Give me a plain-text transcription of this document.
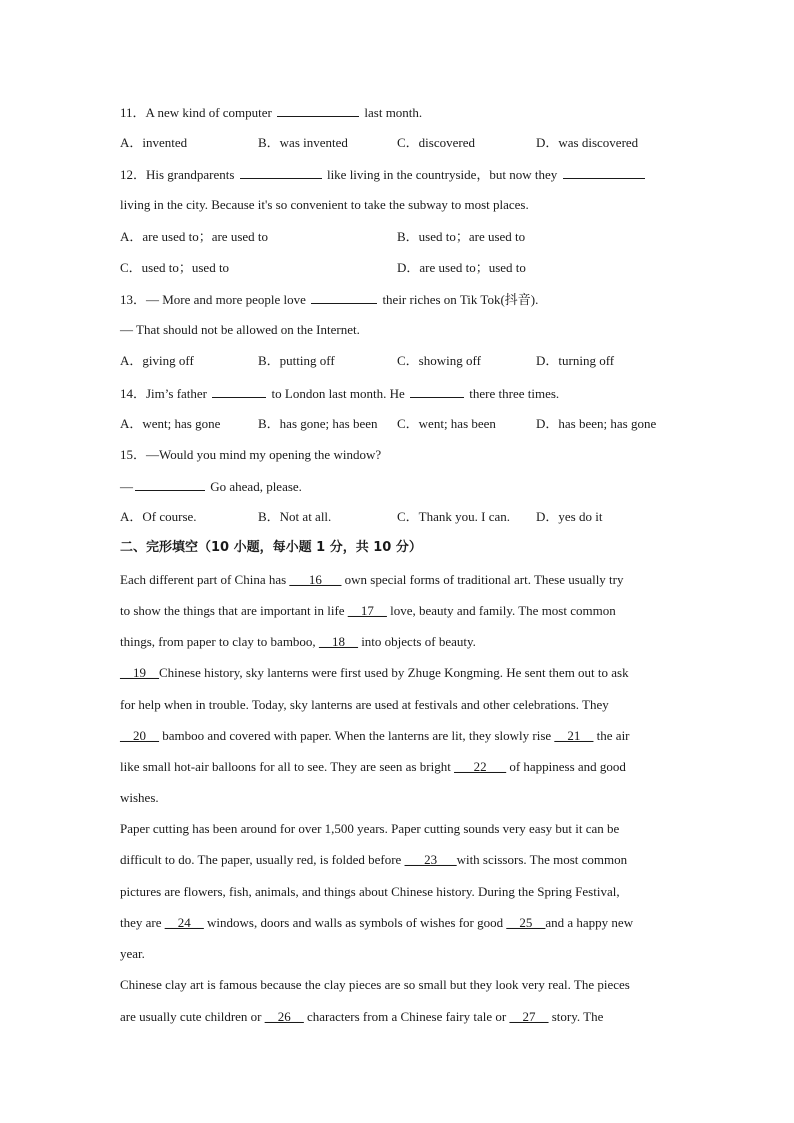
11．A new kind of computer	last month.
A．invented	B．was invented	C．discovered	D．was discovered
12．His grandparents	like living in the countryside，but now they
living in the city. Because it's so convenient to take the subway to most places.
A．are used to；are used to	B．used to；are used to
C．used to；used to	D．are used to；used to
13．— More and more people love	their riches on Tik Tok(抖音).
— That should not be allowed on the Internet.
A．giving off	B．putting off	C．showing off	D．turning off
14．Jim’s father	to London last month. He	there three times.
A．went; has gone	B．has gone; has been C．went; has been	D．has been; has gone
15．—Would you mind my opening the window?
—	Go ahead, please.
A．Of course.	B．Not at all.	C．Thank you. I can. D．yes do it
二、完形填空（10 小题，每小题 1 分，共 10 分）
Each different part of China has ___16___ own special forms of traditional art. These usually try
to show the things that are important in life __17__ love, beauty and family. The most common
things, from paper to clay to bamboo, __18__ into objects of beauty.
__19__Chinese history, sky lanterns were first used by Zhuge Kongming. He sent them out to ask
for help when in trouble. Today, sky lanterns are used at festivals and other celebrations. They
__20__ bamboo and covered with paper. When the lanterns are lit, they slowly rise __21__ the air
like small hot-air balloons for all to see. They are seen as bright ___22___ of happiness and good
wishes.
Paper cutting has been around for over 1,500 years. Paper cutting sounds very easy but it can be
difficult to do. The paper, usually red, is folded before ___23___with scissors. The most common
pictures are flowers, fish, animals, and things about Chinese history. During the Spring Festival,
they are __24__ windows, doors and walls as symbols of wishes for good __25__and a happy new
year.
Chinese clay art is famous because the clay pieces are so small but they look very real. The pieces
are usually cute children or __26__ characters from a Chinese fairy tale or __27__ story. The
